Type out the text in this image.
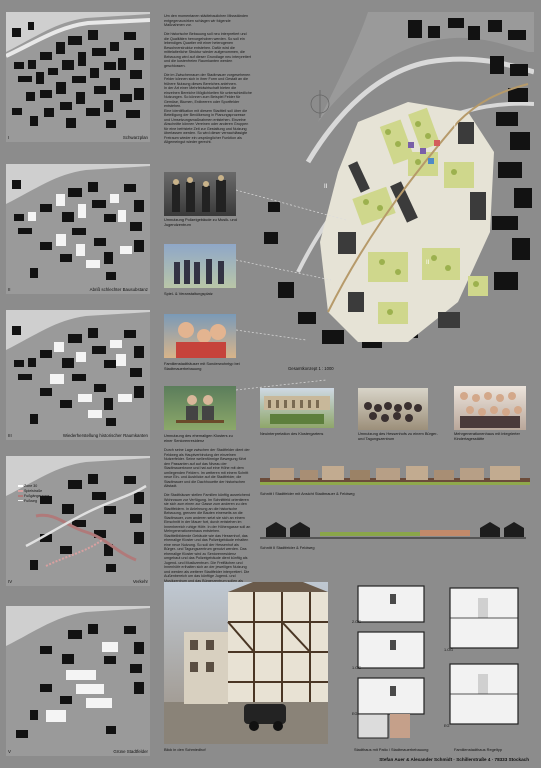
I	Schwarzplan
II	Abriß schlechter Bausubstanz
III	Wiederherstellung historischer Raumkanten
Zone 30
Spielstraße
Fußgängerzone
Fußweg
IV	Verkehr
V	Grüne Stadtfelder
Um den momentanen städtebaulichen Missständen entgegenzuwirken schlagen wir folgende Maßnahmen vor.

Die historische Bebauung soll neu interpretiert und die Qualitäten hervorgehoben werden. So soll ein lebendiges Quartier mit einer heterogenen Bewohnerstruktur entstehen. Dafür wird die mittelalterliche Struktur wieder aufgenommen, die Bebauung wird auf dieser Grundlage neu interpretiert und die kostenfreien Raumkanten werden geschlossen.

Die im Zwischenraum der Stadtmauer vorgesehenen Felder können sich in ihrer Form und Gestalt an die frühere Nutzung dieses Bereiches anlehnen.
In der Art einer Mehrfeldwirtschaft bieten die einzelnen Bereiche Möglichkeiten für unterschiedliche Nutzungen. So können zum Beispiel Felder für Gemüse, Blumen, Erdbeeren oder Sportfelder entstehen.
Eine Identifikation mit diesem Stadtteil soll über die Beteiligung der Bevölkerung in Planungsprozesse und Umsetzungsmaßnahmen entstehen. Einzelne Abschnitte können Vereinen oder anderen Gruppen für eine befristete Zeit zur Gestaltung und Nutzung überlassen werden. So wird dieser vernachlässigte Freiraum wieder ein ursprünglicher Funktion als Allgemeingut wieder gerecht.
Umnutzung Polizeigebäude zu Musik- und Jugendzentrum
Spiel- & Veranstaltungsplatz
Familienstadthäuser mit Sonderwohntyp bei Stadtmauerbebauung
Umnutzung des ehemaligen Klosters zu einer Seniorenresidenz
Neuinterpretation des Klostergartens	Umnutzung des Hessenhofs zu einem Bürger- und Tagungszentrum
Mehrgenerationenhaus mit integrierter Kindertagesstätte
I
II
II
Gesamtkonzept 1 : 1000
Durch seine Lage zwischen der Stadtfelder dient der Feldweg als Hauptverbindung der einzelnen Nutzerfelder. Seine wellenförmige Bewegung führt den Passanten auf auf das Niveau der Stadtmauerkrone und hat auf eine Höhe mit dem umliegenden Feldern. Im weiteren mit einem Schritt neue Ein- und Ausblicke auf die Stadtfelder, die Stadtmauer und die Dachhouette der historischen Altstadt.

Die Stadthäuser stellen Familien künftig ausreichend Wohnraum zur Verfügung. Im Schnittfeld orientieren sie sich zum einen zur Gasse zum anderen zu den Stadtfeldern. In Anlehnung an die historische Bebauung, grenzen die Bauten einerseits an die Stadtmauer, zum anderen setzt sie sich an einem Einschnitt in der Mauer fort, durch entstehen im Innenbereich ruhige Höfe. In der Höhengasse soll an Mehrgenerationenhaus entstehen.
Stadtteilbildende Gebäude wie das Hessenhof, das ehemalige Kloster und das Polizeigebäude erhalten eine neue Nutzung. So soll der Hessenhof als Bürger- und Tagungszentrum genutzt werden. Das ehemalige Kloster wird zu Seniorenresidenz umgebaut und das Polizeigebäude dient künftig als Jugend- und Musikzentrum. Die Freiflächen und Innenhöfe erlhalten sich an der jeweiligen Nutzung und werden als weiterer Stadtfelder interpretiert. Die Außenbereich um das künftige Jugend- und Musikzentrum und das Bürgerzentrum sollen als
Schnitt I Stadtfelder mit Ansicht Stadtmauer & Feldweg
Schnitt II Stadtfelder & Feldweg
Blick in den Schmiedhof
2.OG
1.OG
EG
Stadthaus mit Patio / Stadtmauerbebauung
1.OG
EG
Familienstadthaus Regeltyp
Stefan Auer & Alexander Schmidt · Schillerstraße 4 · 78333 Stockach
